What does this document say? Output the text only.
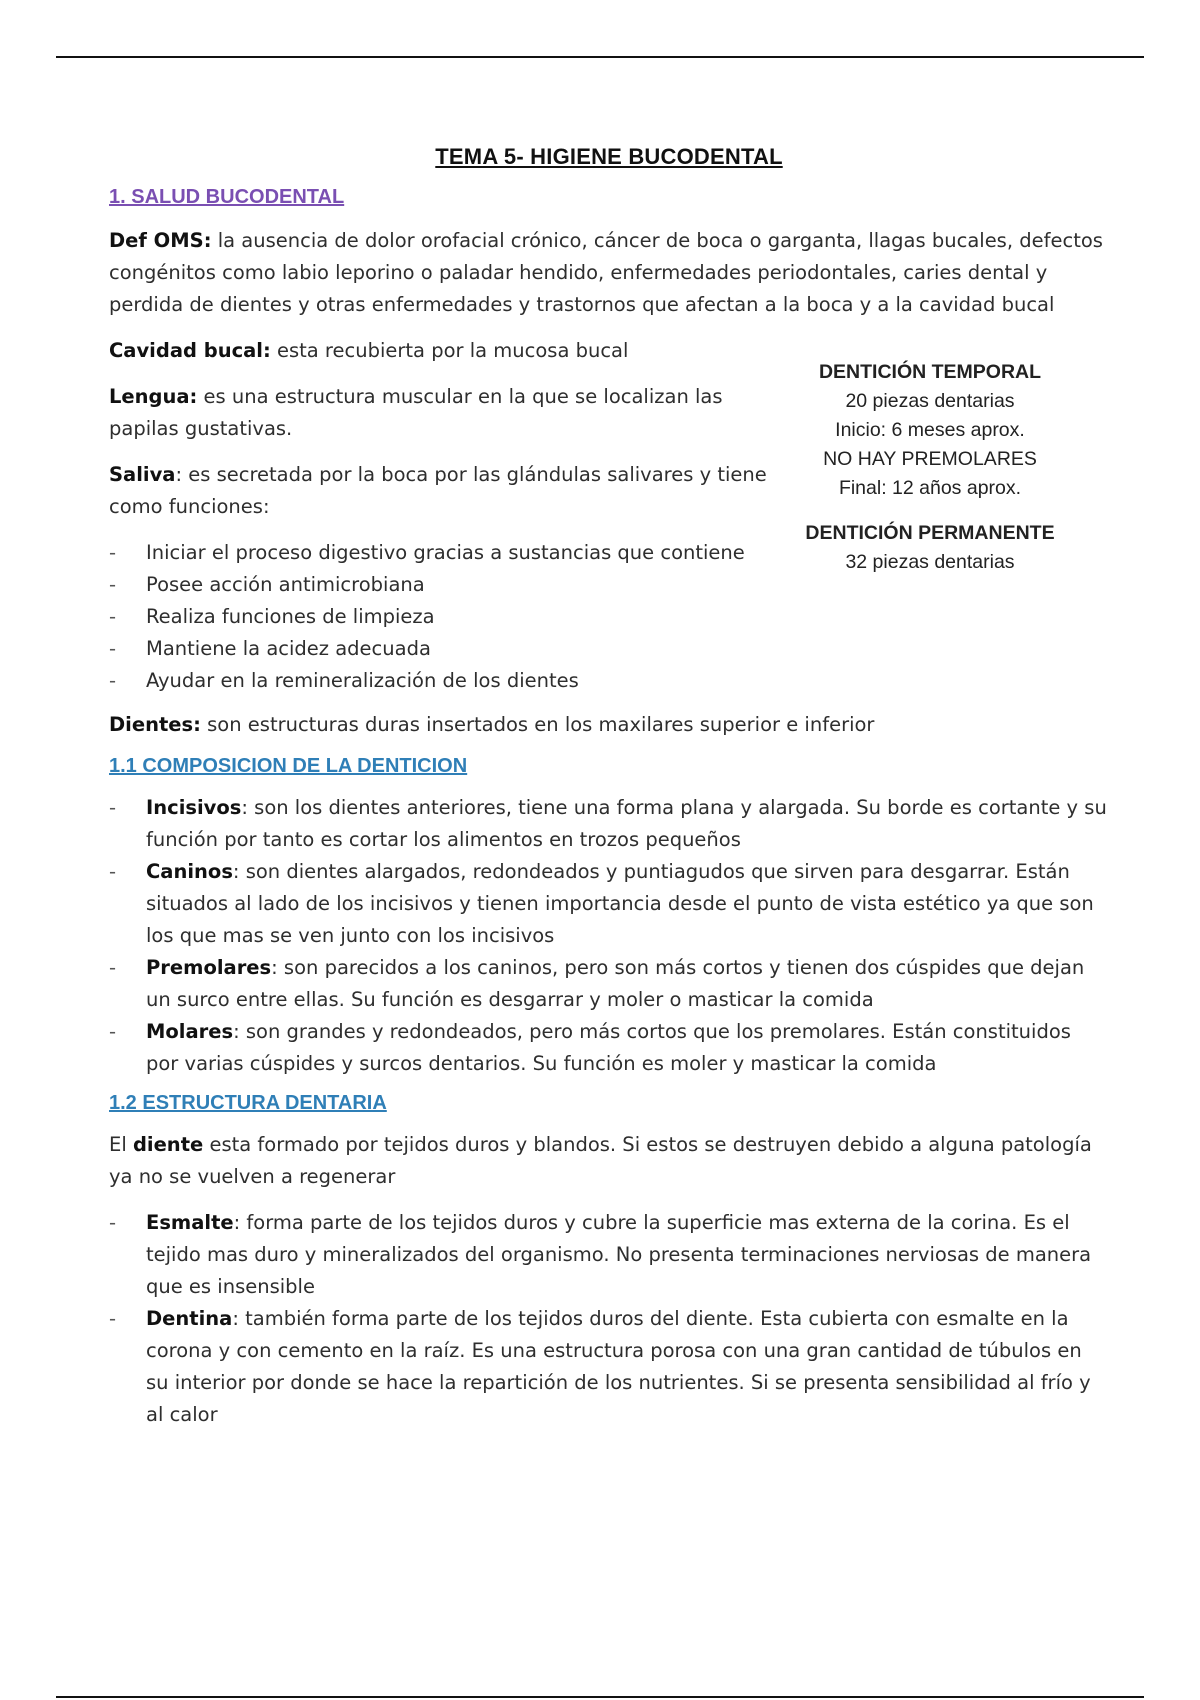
TEMA 5- HIGIENE BUCODENTAL
1. SALUD BUCODENTAL

Def OMS: la ausencia de dolor orofacial crónico, cáncer de boca o garganta, llagas bucales, defectos congénitos como labio leporino o paladar hendido, enfermedades periodontales, caries dental y perdida de dientes y otras enfermedades y trastornos que afectan a la boca y a la cavidad bucal

Cavidad bucal: esta recubierta por la mucosa bucal

Lengua: es una estructura muscular en la que se localizan las papilas gustativas.

Saliva: es secretada por la boca por las glándulas salivares y tiene como funciones:

- Iniciar el proceso digestivo gracias a sustancias que contiene
- Posee acción antimicrobiana
- Realiza funciones de limpieza
- Mantiene la acidez adecuada
- Ayudar en la remineralización de los dientes

Dientes: son estructuras duras insertados en los maxilares superior e inferior

1.1 COMPOSICION DE LA DENTICION
- Incisivos: son los dientes anteriores, tiene una forma plana y alargada. Su borde es cortante y su función por tanto es cortar los alimentos en trozos pequeños
- Caninos: son dientes alargados, redondeados y puntiagudos que sirven para desgarrar. Están situados al lado de los incisivos y tienen importancia desde el punto de vista estético ya que son los que mas se ven junto con los incisivos
- Premolares: son parecidos a los caninos, pero son más cortos y tienen dos cúspides que dejan un surco entre ellas. Su función es desgarrar y moler o masticar la comida
- Molares: son grandes y redondeados, pero más cortos que los premolares. Están constituidos por varias cúspides y surcos dentarios. Su función es moler y masticar la comida
1.2 ESTRUCTURA DENTARIA

El diente esta formado por tejidos duros y blandos. Si estos se destruyen debido a alguna patología ya no se vuelven a regenerar

- Esmalte: forma parte de los tejidos duros y cubre la superficie mas externa de la corina. Es el tejido mas duro y mineralizados del organismo. No presenta terminaciones nerviosas de manera que es insensible
- Dentina: también forma parte de los tejidos duros del diente. Esta cubierta con esmalte en la corona y con cemento en la raíz. Es una estructura porosa con una gran cantidad de túbulos en su interior por donde se hace la repartición de los nutrientes. Si se presenta sensibilidad al frío y al calor
DENTICIÓN TEMPORAL
20 piezas dentarias
Inicio: 6 meses aprox.
NO HAY PREMOLARES
Final: 12 años aprox.
DENTICIÓN PERMANENTE
32 piezas dentarias
